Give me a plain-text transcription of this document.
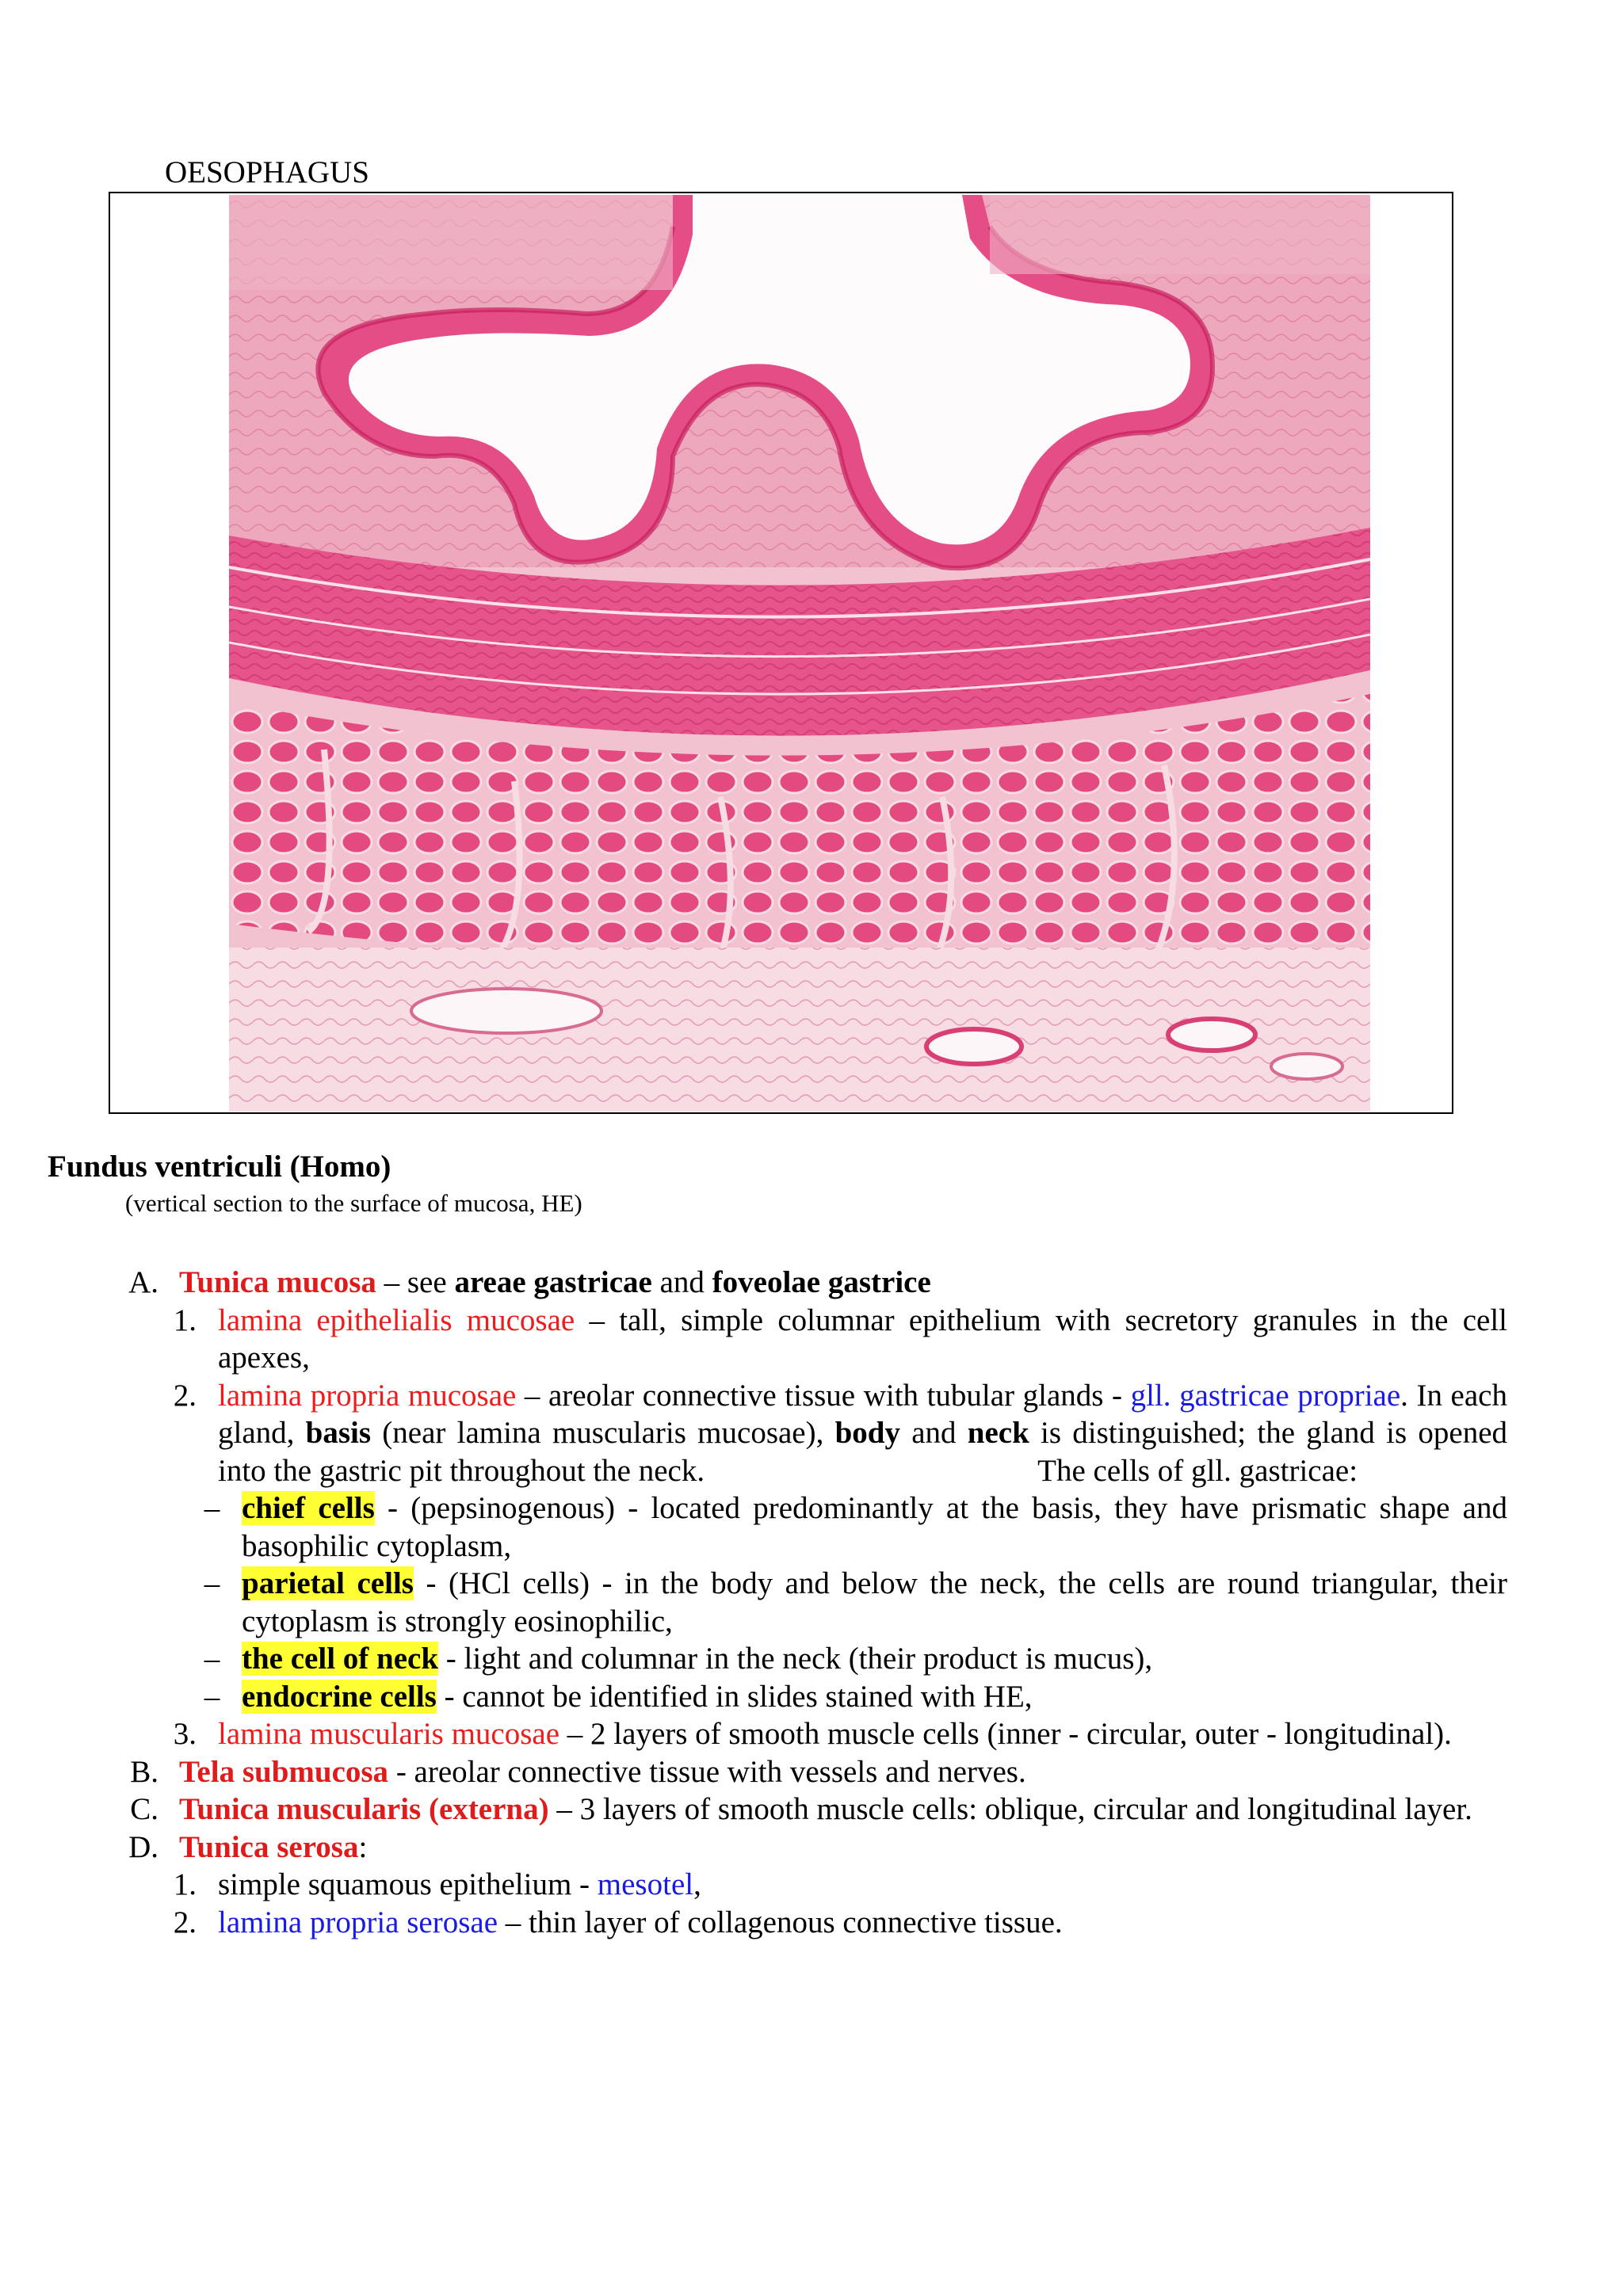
OESOPHAGUS
Fundus ventriculi (Homo)
(vertical section to the surface of mucosa, HE)
A. Tunica mucosa – see areae gastricae and foveolae gastrice
1. lamina epithelialis mucosae – tall, simple columnar epithelium with secretory granules in the cell apexes,
2. lamina propria mucosae – areolar connective tissue with tubular glands - gll. gastricae propriae. In each gland, basis (near lamina muscularis mucosae), body and neck is distinguished; the gland is opened into the gastric pit throughout the neck.	The cells of gll. gastricae:
– chief cells - (pepsinogenous) - located predominantly at the basis, they have prismatic shape and basophilic cytoplasm,
– parietal cells - (HCl cells) - in the body and below the neck, the cells are round triangular, their cytoplasm is strongly eosinophilic,
– the cell of neck - light and columnar in the neck (their product is mucus),
– endocrine cells - cannot be identified in slides stained with HE,
3. lamina muscularis mucosae – 2 layers of smooth muscle cells (inner - circular, outer - longitudinal).
B. Tela submucosa - areolar connective tissue with vessels and nerves.
C. Tunica muscularis (externa) – 3 layers of smooth muscle cells: oblique, circular and longitudinal layer.
D. Tunica serosa:
1. simple squamous epithelium - mesotel,
2. lamina propria serosae – thin layer of collagenous connective tissue.
